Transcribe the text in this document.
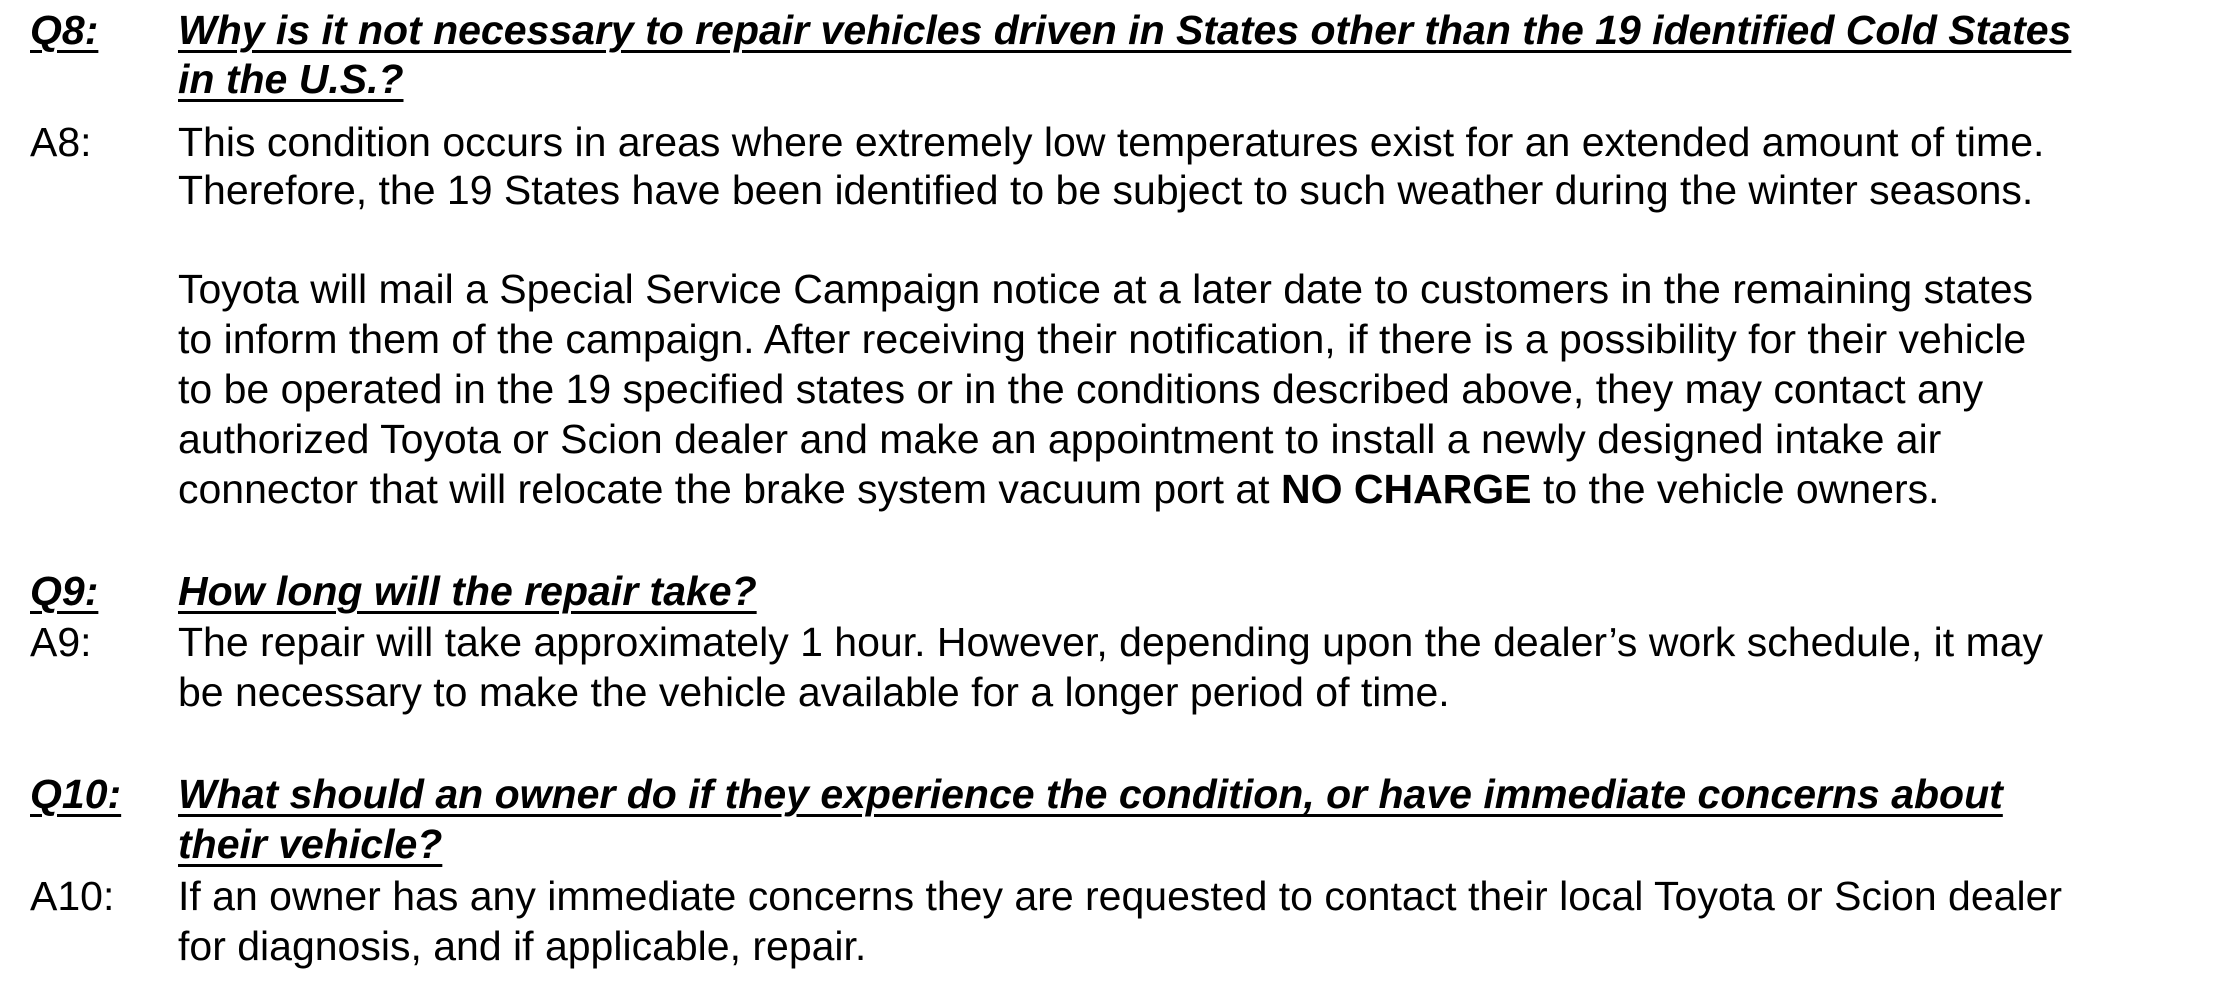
Q8:	Why is it not necessary to repair vehicles driven in States other than the 19 identified Cold States
in the U.S.?
A8: This condition occurs in areas where extremely low temperatures exist for an extended amount of time.
Therefore, the 19 States have been identified to be subject to such weather during the winter seasons.
Toyota will mail a Special Service Campaign notice at a later date to customers in the remaining states
to inform them of the campaign. After receiving their notification, if there is a possibility for their vehicle
to be operated in the 19 specified states or in the conditions described above, they may contact any
authorized Toyota or Scion dealer and make an appointment to install a newly designed intake air
connector that will relocate the brake system vacuum port at NO CHARGE to the vehicle owners.
Q9:	How long will the repair take?
A9: The repair will take approximately 1 hour. However, depending upon the dealer’s work schedule, it may
be necessary to make the vehicle available for a longer period of time.
Q10:	What should an owner do if they experience the condition, or have immediate concerns about
their vehicle?
A10: If an owner has any immediate concerns they are requested to contact their local Toyota or Scion dealer
for diagnosis, and if applicable, repair.
